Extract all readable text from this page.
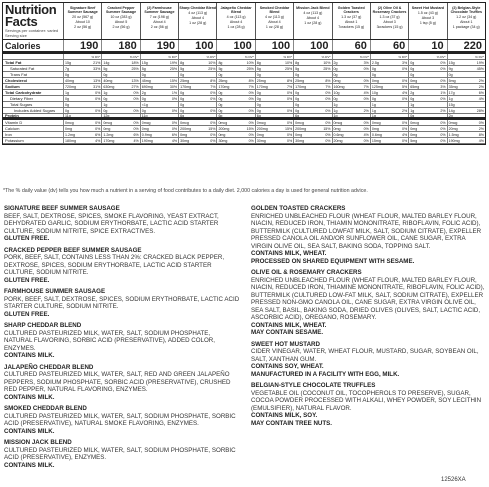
Nutrition Facts
Servings per container: varied
Serving size
Signature Beef Summer Sausage
20 oz (567 g)
About 10
2 oz (56 g)
Cracked Pepper Summer Sausage
10 oz (283 g)
About 5
2 oz (56 g)
(2) Farmhouse Summer Sausage
7 oz (198 g)
About 4
2 oz (56 g)
Sharp Cheddar Blend
4 oz (113 g)
About 4
1 oz (28 g)
Jalapeño Cheddar Blend
4 oz (113 g)
About 4
1 oz (28 g)
Smoked Cheddar Blend
4 oz (113 g)
About 4
1 oz (28 g)
Mission Jack Blend
4 oz (113 g)
About 4
1 oz (28 g)
Golden Toasted Crackers
1.3 oz (37 g)
About 1
7crackers (15 g)
(2) Olive Oil & Rosemary Crackers
1.3 oz (37 g)
About 3
3crackers (15 g)
Sweet Hot Mustard
1.5 oz (43 g)
About 3
1 tsp (5 g)
(2) Belgian-Style Chocolate Truffles
1.2 oz (34 g)
About 1
1 package (34 g)
Calories	190	180	190	100	100	100	100	60	60	10	220
% DV*	% DV*	% DV*	% DV*	% DV*	% DV*	% DV*	% DV*	% DV*	% DV*	% DV*
Total Fat	15g	21% 14g	18% 15g	19% 8g	10% 8g	10% 8g	10% 8g	10% 2g	3% 2.5g	3% 0g	0% 15g	19%
Saturated Fat	7g	33% 5g	25% 5g	25% 5g	25% 5g	25% 5g	25% 5g	25% 0g	0% 0g	0% 0g	0% 9g	45%
Trans Fat	0g	0g	0g	0g	0g	0g	0g	0g	0g	0g	0g
Cholesterol	40mg	13% 40mg	13% 45mg	15% 25mg	8% 25mg	8% 25mg	8% 25mg	8% 0mg	0% 0mg	0% 0mg	0% 5mg	2%
Sodium	720mg	31% 630mg	27% 690mg	30% 170mg	7% 170mg	7% 170mg	7% 170mg	7% 160mg	7% 125mg	5% 65mg	3% 35mg	2%
Total Carbohydrate	1g	0% 1g	0% 2g	1% 0g	0% 0g	0% 0g	0% 0g	0% 10g	4% 10g	4% 2g	1% 17g	6%
Dietary Fiber	0g	0% 0g	0% 0g	0% 0g	0% 0g	0% 0g	0% 0g	0% 0g	0% 0g	0% 0g	0% 1g	4%
Total Sugars	0g	1g	<1g	0g	0g	0g	0g	1g	1g	1g	15g
Includes Added Sugars	0g	0% 0g	0% 0g	0% 0g	0% 0g	0% 0g	0% 0g	0% 1g	2% 1g	2% 1g	2% 14g	28%
Protein	11g	12g	11g	6g	6g	6g	6g	1g	1g	0g	2g
Vitamin D	0mcg	0% 0mcg	0% 0mcg	0% 0mcg	0% 0mcg	0% 0mcg	0% 0mcg	0% 0mcg	0% 0mcg	0% 0mcg	0% 0mcg	0%
Calcium	0mg	0% 0mg	0% 0mg	0% 200mg	15% 200mg	15% 200mg	15% 200mg	15% 0mg	0% 0mg	0% 0mg	0% 20mg	2%
Iron	1.2mg	6% 1.2mg	6% 0.9mg	6% 0mg	0% 0mg	0% 0mg	0% 0mg	0% 0.6mg	4% 0.6mg	4% 0mg	0% 1.5mg	8%
Potassium	180mg	4% 170mg	4% 190mg	4% 30mg	0% 30mg	0% 30mg	0% 30mg	0% 20mg	0% 15mg	0% 5mg	0% 190mg	4%
*The % daily value (dv) tells you how much a nutrient in a serving of food contributes to a daily diet. 2,000 calories a day is used for general nutrition advice.
SIGNATURE BEEF SUMMER SAUSAGE
BEEF, SALT, DEXTROSE, SPICES, SMOKE FLAVORING, YEAST EXTRACT, DEHYDRATED GARLIC, SODIUM ERYTHORBATE, LACTIC ACID STARTER CULTURE, SODIUM NITRITE, SPICE EXTRACTIVES.
GLUTEN FREE.
CRACKED PEPPER BEEF SUMMER SAUSAGE
PORK, BEEF, SALT, CONTAINS LESS THAN 2%: CRACKED BLACK PEPPER, DEXTROSE, SPICES, SODIUM ERYTHORBATE, LACTIC ACID STARTER CULTURE, SODIUM NITRITE.
GLUTEN FREE.
FARMHOUSE SUMMER SAUSAGE
PORK, BEEF, SALT, DEXTROSE, SPICES, SODIUM ERYTHORBATE, LACTIC ACID STARTER CULTURE, SODIUM NITRITE.
GLUTEN FREE.
SHARP CHEDDAR BLEND
CULTURED PASTEURIZED MILK, WATER, SALT, SODIUM PHOSPHATE, NATURAL FLAVORING, SORBIC ACID (PRESERVATIVE), ADDED COLOR, ENZYMES.
CONTAINS MILK.
JALAPEÑO CHEDDAR BLEND
CULTURED PASTEURIZED MILK, WATER, SALT, RED AND GREEN JALAPEÑO PEPPERS, SODIUM PHOSPHATE, SORBIC ACID (PRESERVATIVE), CRUSHED RED PEPPER, NATURAL FLAVORING, ENZYMES.
CONTAINS MILK.
SMOKED CHEDDAR BLEND
CULTURED PASTEURIZED MILK, WATER, SALT, SODIUM PHOSPHATE, SORBIC ACID (PRESERVATIVE), NATURAL SMOKE FLAVORING, ENZYMES.
CONTAINS MILK.
MISSION JACK BLEND
CULTURED PASTEURIZED MILK, WATER, SALT, SODIUM PHOSPHATE, SORBIC ACID (PRESERVATIVE), ENZYMES.
CONTAINS MILK.
GOLDEN TOASTED CRACKERS
ENRICHED UNBLEACHED FLOUR (WHEAT FLOUR, MALTED BARLEY FLOUR, NIACIN, REDUCED IRON, THIAMIN MONONITRATE, RIBOFLAVIN, FOLIC ACID), BUTTERMILK (CULTURED LOWFAT MILK, SALT, SODIUM CITRATE), EXPELLER PRESSED CANOLA OIL AND/OR SUNFLOWER OIL, CANE SUGAR, EXTRA VIRGIN OLIVE OIL, SEA SALT, BAKING SODA, TOPPING SALT.
CONTAINS MILK, WHEAT.
PROCESSED ON SHARED EQUIPMENT WITH SESAME.
OLIVE OIL & ROSEMARY CRACKERS
ENRICHED UNBLEACHED FLOUR (WHEAT FLOUR, MALTED BARLEY FLOUR, NIACIN, REDUCED IRON, THIAMINE MONONITRATE, RIBOFLAVIN, FOLIC ACID), BUTTERMILK (CULTURED LOW-FAT MILK, SALT, SODIUM CITRATE), EXPELLER PRESSED NON-GMO CANOLA OIL, CANE SUGAR, EXTRA VIRGIN OLIVE OIL, SEA SALT, BASIL, BAKING SODA, DRIED OLIVES (OLIVES, SALT, LACTIC ACID, ASCORBIC ACID), OREGANO, ROSEMARY.
CONTAINS MILK, WHEAT.
MAY CONTAIN SESAME.
SWEET HOT MUSTARD
CIDER VINEGAR, WATER, WHEAT FLOUR, MUSTARD, SUGAR, SOYBEAN OIL, SALT, XANTHAN GUM.
CONTAINS SOY, WHEAT.
MANUFACTURED IN A FACILITY WITH EGG, MILK.
BELGIAN-STYLE CHOCOLATE TRUFFLES
VEGETABLE OIL (COCONUT OIL, TOCOPHEROLS TO PRESERVE), SUGAR, COCOA POWDER PROCESSED WITH ALKALI, WHEY POWDER, SOY LECITHIN (EMULSIFIER), NATURAL FLAVOR.
CONTAINS MILK, SOY.
MAY CONTAIN TREE NUTS.
12526XA
